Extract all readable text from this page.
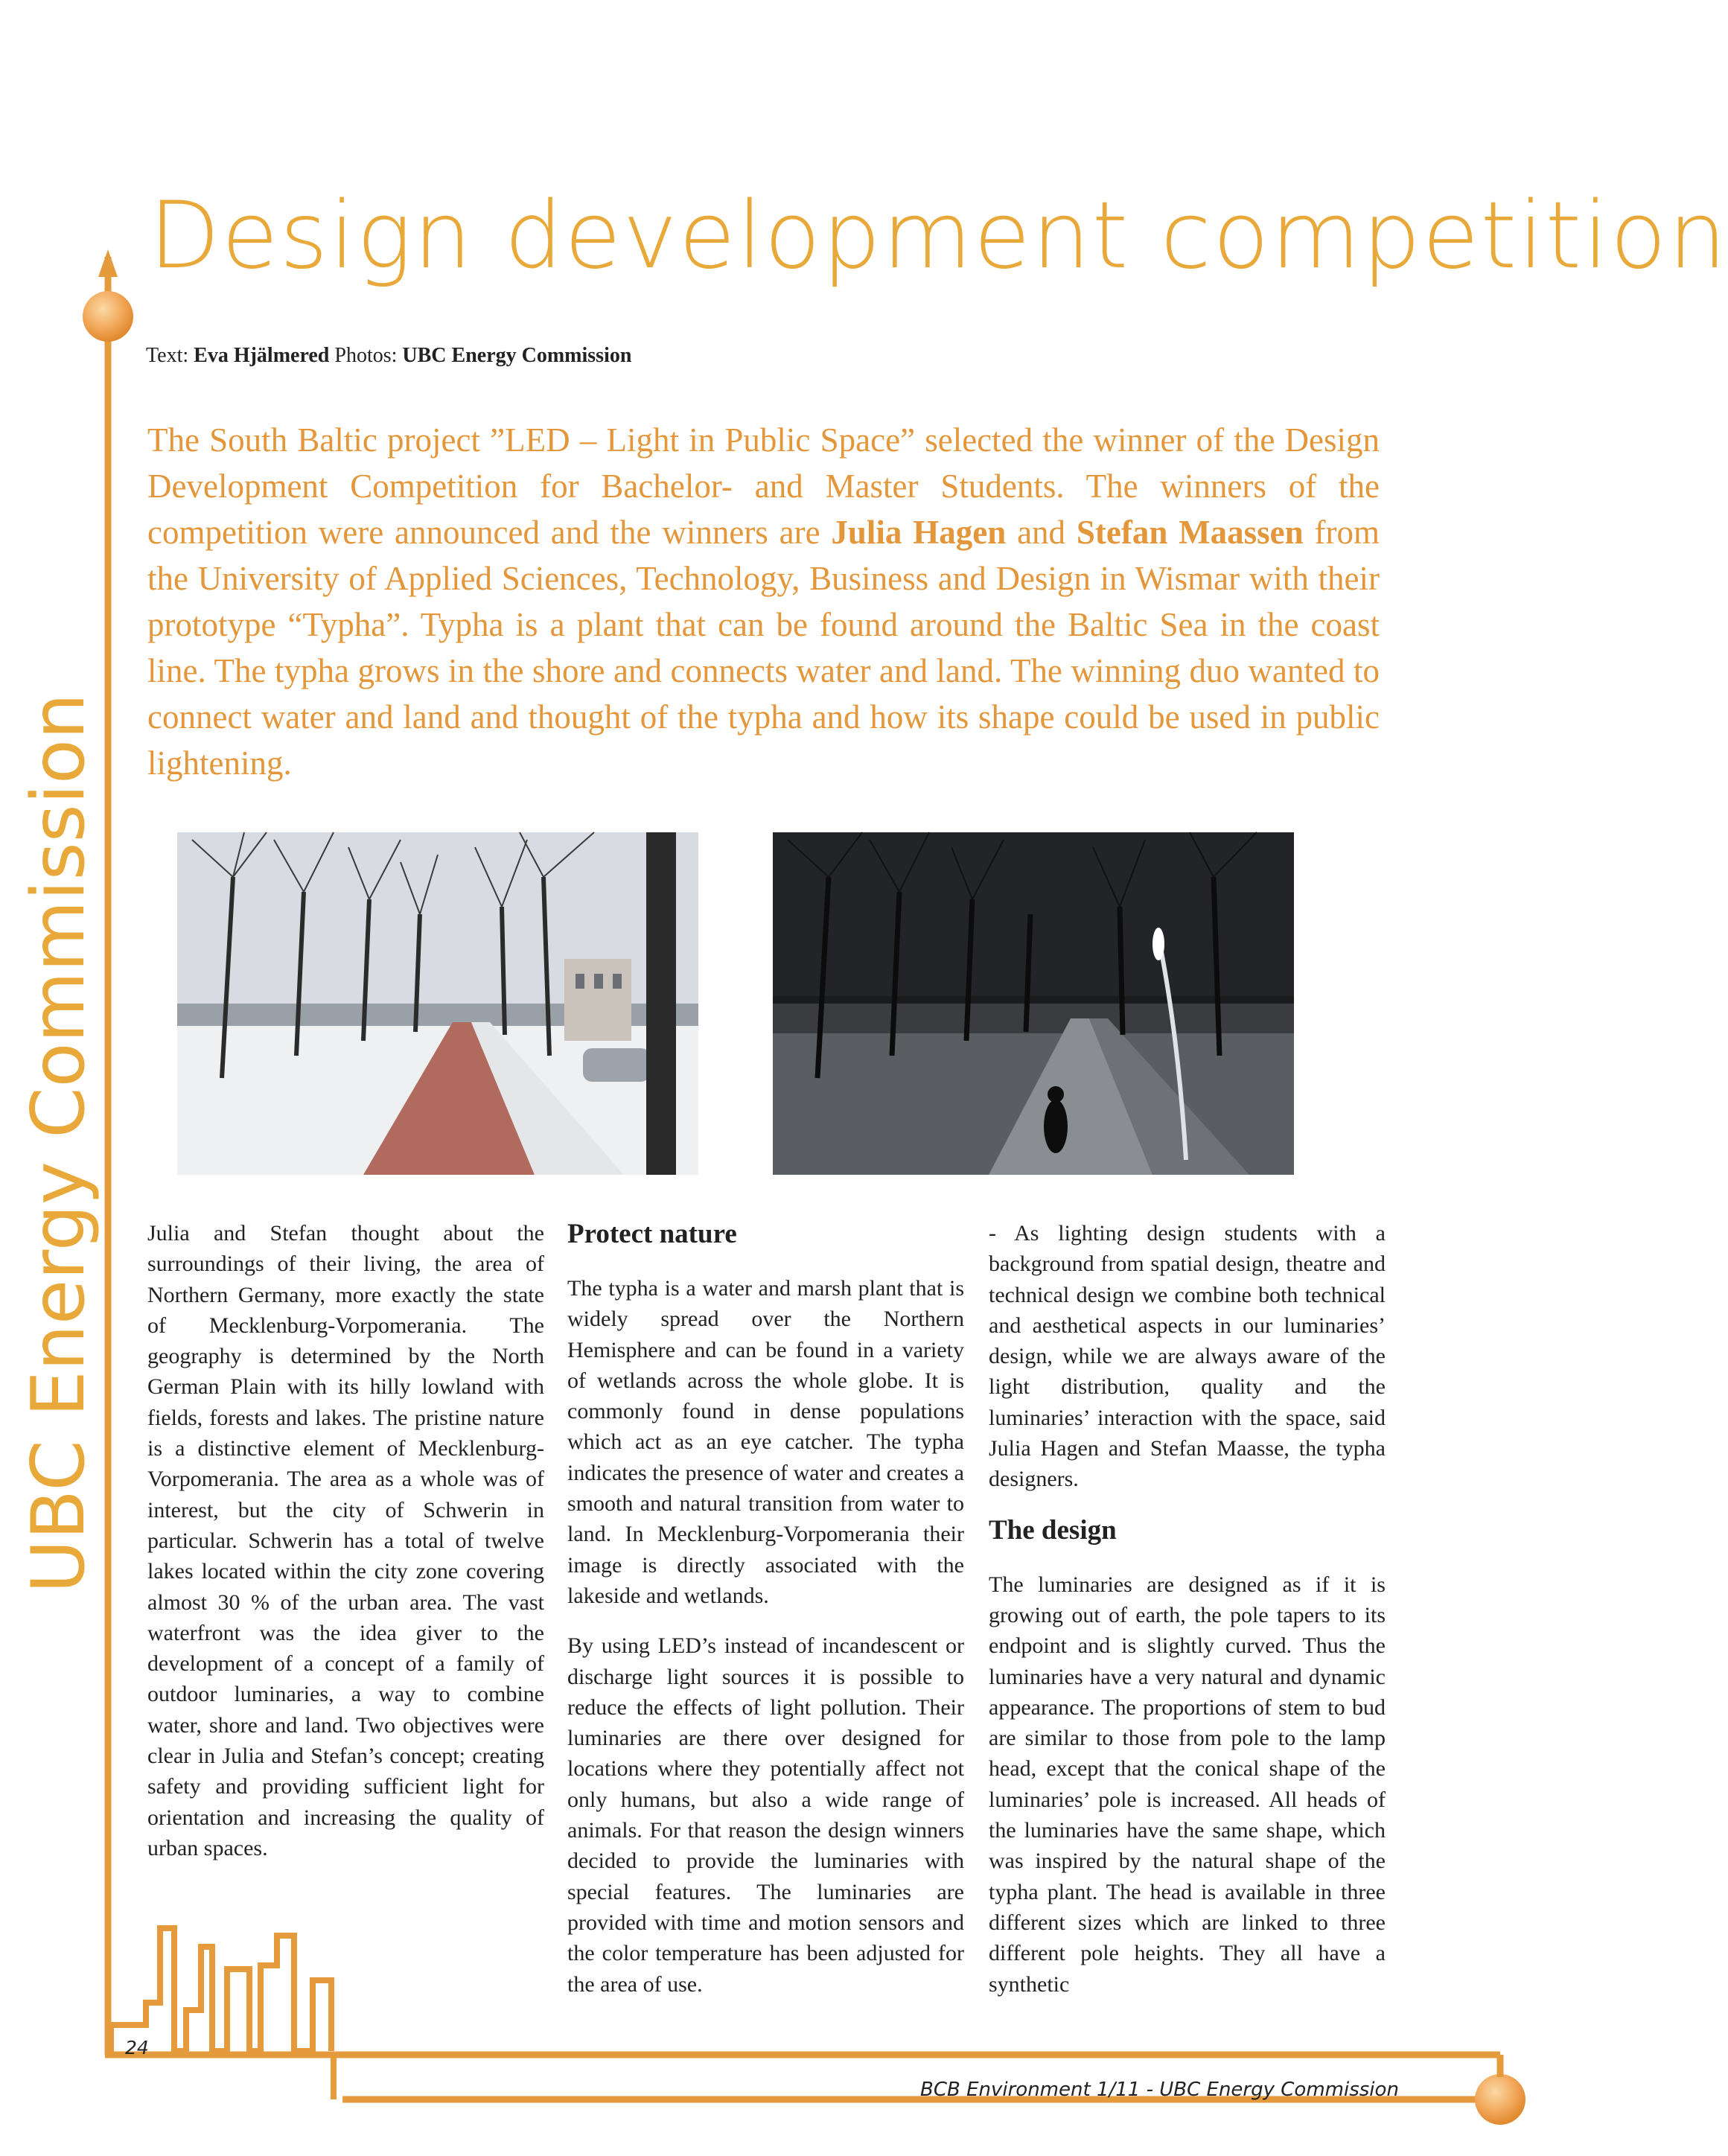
Design development competition
Text: Eva Hjälmered Photos: UBC Energy Commission
UBC Energy Commission
The South Baltic project ”LED – Light in Public Space” selected the winner of the Design Development Competition for Bachelor- and Master Students. The winners of the competition were announced and the winners are Julia Hagen and Stefan Maassen from the University of Applied Sciences, Technology, Business and Design in Wismar with their prototype “Typha”. Typha is a plant that can be found around the Baltic Sea in the coast line. The typha grows in the shore and connects water and land. The winning duo wanted to connect water and land and thought of the typha and how its shape could be used in public lightening.

Julia and Stefan thought about the surroundings of their living, the area of Northern Germany, more exactly the state of Mecklenburg-Vorpomerania. The geography is determined by the North German Plain with its hilly lowland with fields, forests and lakes. The pristine nature is a distinctive element of Mecklenburg-Vorpomerania. The area as a whole was of interest, but the city of Schwerin in particular. Schwerin has a total of twelve lakes located within the city zone covering almost 30 % of the urban area. The vast waterfront was the idea giver to the development of a concept of a family of outdoor luminaries, a way to combine water, shore and land. Two objectives were clear in Julia and Stefan’s concept; creating safety and providing sufficient light for orientation and increasing the quality of urban spaces.

Protect nature

The typha is a water and marsh plant that is widely spread over the Northern Hemisphere and can be found in a variety of wetlands across the whole globe. It is commonly found in dense populations which act as an eye catcher. The typha indicates the presence of water and creates a smooth and natural transition from water to land. In Mecklenburg-Vorpomerania their image is directly associated with the lakeside and wetlands.

By using LED’s instead of incandescent or discharge light sources it is possible to reduce the effects of light pollution. Their luminaries are there over designed for locations where they potentially affect not only humans, but also a wide range of animals. For that reason the design winners decided to provide the luminaries with special features. The luminaries are provided with time and motion sensors and the color temperature has been adjusted for the area of use.

- As lighting design students with a background from spatial design, theatre and technical design we combine both technical and aesthetical aspects in our luminaries’ design, while we are always aware of the light distribution, quality and the luminaries’ interaction with the space, said Julia Hagen and Stefan Maasse, the typha designers.

The design

The luminaries are designed as if it is growing out of earth, the pole tapers to its endpoint and is slightly curved. Thus the luminaries have a very natural and dynamic appearance. The proportions of stem to bud are similar to those from pole to the lamp head, except that the conical shape of the luminaries’ pole is increased. All heads of the luminaries have the same shape, which was inspired by the natural shape of the typha plant. The head is available in three different sizes which are linked to three different pole heights. They all have a synthetic

24
BCB Environment 1/11 - UBC Energy Commission
